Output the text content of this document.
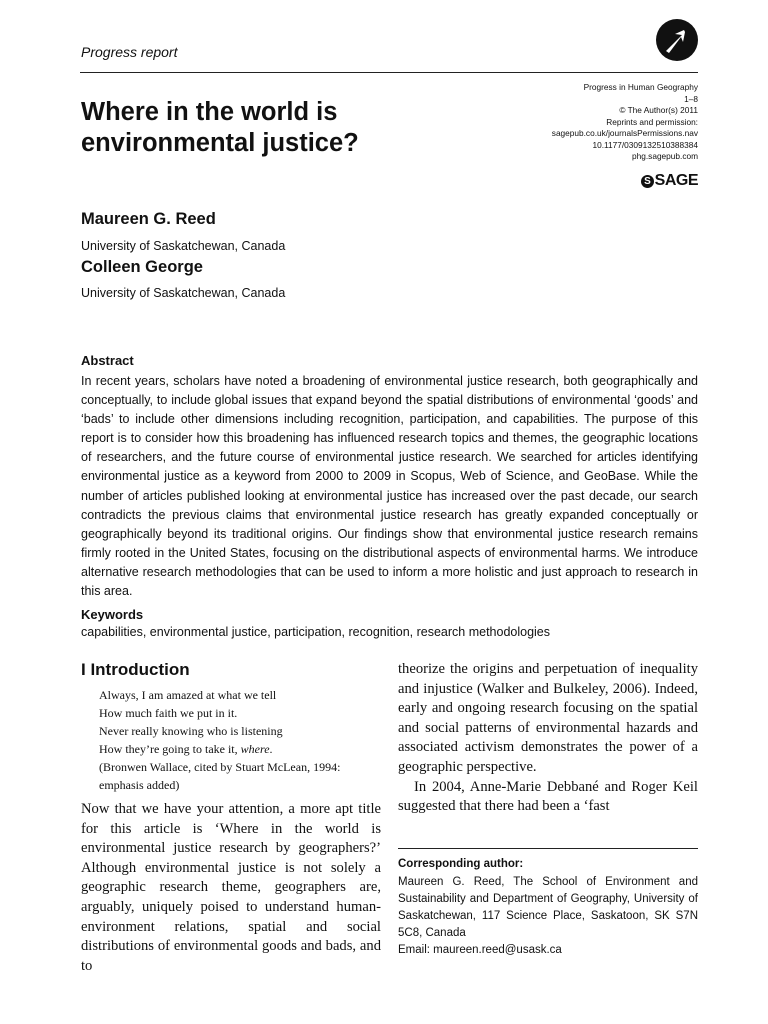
Progress report
Where in the world is environmental justice?
Progress in Human Geography
1–8
© The Author(s) 2011
Reprints and permission:
sagepub.co.uk/journalsPermissions.nav
10.1177/0309132510388384
phg.sagepub.com
S SAGE
Maureen G. Reed
University of Saskatchewan, Canada
Colleen George
University of Saskatchewan, Canada
Abstract
In recent years, scholars have noted a broadening of environmental justice research, both geographically and conceptually, to include global issues that expand beyond the spatial distributions of environmental ‘goods’ and ‘bads’ to include other dimensions including recognition, participation, and capabilities. The purpose of this report is to consider how this broadening has influenced research topics and themes, the geographic locations of researchers, and the future course of environmental justice research. We searched for articles identifying environmental justice as a keyword from 2000 to 2009 in Scopus, Web of Science, and GeoBase. While the number of articles published looking at environmental justice has increased over the past decade, our search contradicts the previous claims that environmental justice research has greatly expanded conceptually or geographically beyond its traditional origins. Our findings show that environmental justice research remains firmly rooted in the United States, focusing on the distributional aspects of environmental harms. We introduce alternative research methodologies that can be used to inform a more holistic and just approach to research in this area.
Keywords
capabilities, environmental justice, participation, recognition, research methodologies
I Introduction
Always, I am amazed at what we tell
How much faith we put in it.
Never really knowing who is listening
How they’re going to take it, where.
(Bronwen Wallace, cited by Stuart McLean, 1994:
emphasis added)
Now that we have your attention, a more apt title for this article is ‘Where in the world is environmental justice research by geographers?’ Although environmental justice is not solely a geographic research theme, geographers are, arguably, uniquely poised to understand human-environment relations, spatial and social distributions of environmental goods and bads, and to
theorize the origins and perpetuation of inequality and injustice (Walker and Bulkeley, 2006). Indeed, early and ongoing research focusing on the spatial and social patterns of environmental hazards and associated activism demonstrates the power of a geographic perspective.
In 2004, Anne-Marie Debbané and Roger Keil suggested that there had been a ‘fast
Corresponding author:
Maureen G. Reed, The School of Environment and Sustainability and Department of Geography, University of Saskatchewan, 117 Science Place, Saskatoon, SK S7N 5C8, Canada
Email: maureen.reed@usask.ca
